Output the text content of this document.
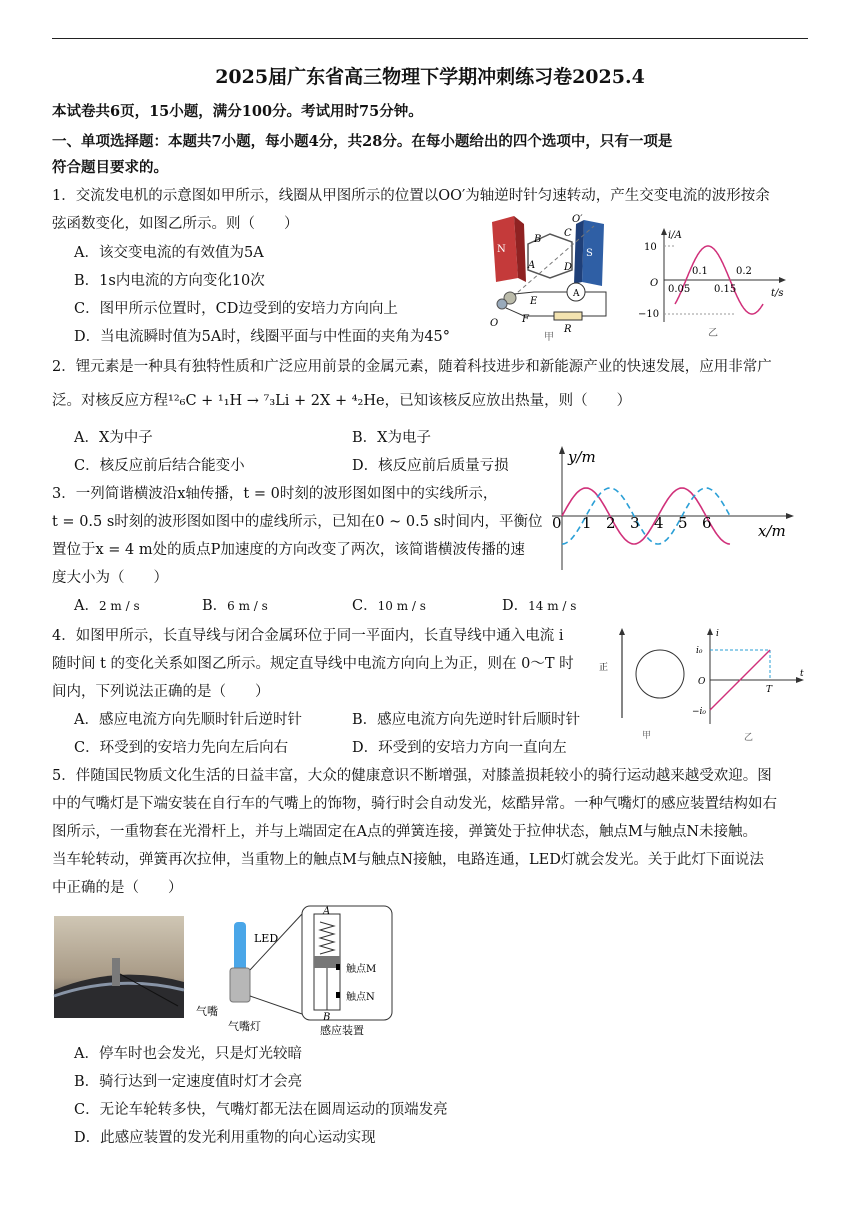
2025届广东省高三物理下学期冲刺练习卷2025.4
本试卷共6页，15小题，满分100分。考试用时75分钟。
一、单项选择题：本题共7小题，每小题4分，共28分。在每小题给出的四个选项中，只有一项是
符合题目要求的。
1．交流发电机的示意图如甲所示，线圈从甲图所示的位置以OO′为轴逆时针匀速转动，产生交变电流的波形按余
弦函数变化，如图乙所示。则（　　）
A．该交变电流的有效值为5A
B．1s内电流的方向变化10次
C．图甲所示位置时，CD边受到的安培力方向向上
D．当电流瞬时值为5A时，线圈平面与中性面的夹角为45°
N	S
A
B
C
D
E
F
O
O′
A
R
甲
i/A
t/s
10
O
−10
0.05
0.1
0.15
0.2
乙
2．锂元素是一种具有独特性质和广泛应用前景的金属元素，随着科技进步和新能源产业的快速发展，应用非常广
泛。对核反应方程¹²₆C + ¹₁H → ⁷₃Li + 2X + ⁴₂He，已知该核反应放出热量，则（　　）
A．X为中子	B．X为电子
C．核反应前后结合能变小	D．核反应前后质量亏损
3．一列简谐横波沿x轴传播，t = 0时刻的波形图如图中的实线所示，
t = 0.5 s时刻的波形图如图中的虚线所示，已知在0 ~ 0.5 s时间内，平衡位
置位于x = 4 m处的质点P加速度的方向改变了两次，该简谐横波传播的速
度大小为（　　）
A．2 m / s	B．6 m / s	C．10 m / s	D．14 m / s
y/m
x/m
0 1 2 3 4 5 6
4．如图甲所示，长直导线与闭合金属环位于同一平面内，长直导线中通入电流 i
随时间 t 的变化关系如图乙所示。规定直导线中电流方向向上为正，则在 0～T 时
间内，下列说法正确的是（　　）
A．感应电流方向先顺时针后逆时针	B．感应电流方向先逆时针后顺时针
C．环受到的安培力先向左后向右	D．环受到的安培力方向一直向左
正
甲
i
i₀
O
T
t
−i₀
乙
5．伴随国民物质文化生活的日益丰富，大众的健康意识不断增强，对膝盖损耗较小的骑行运动越来越受欢迎。图
中的气嘴灯是下端安装在自行车的气嘴上的饰物，骑行时会自动发光，炫酷异常。一种气嘴灯的感应装置结构如右
图所示，一重物套在光滑杆上，并与上端固定在A点的弹簧连接，弹簧处于拉伸状态，触点M与触点N未接触。
当车轮转动，弹簧再次拉伸，当重物上的触点M与触点N接触，电路连通，LED灯就会发光。关于此灯下面说法
中正确的是（　　）
气嘴
LED
气嘴灯
A
B
触点M
触点N
感应装置
A．停车时也会发光，只是灯光较暗
B．骑行达到一定速度值时灯才会亮
C．无论车轮转多快，气嘴灯都无法在圆周运动的顶端发亮
D．此感应装置的发光利用重物的向心运动实现
